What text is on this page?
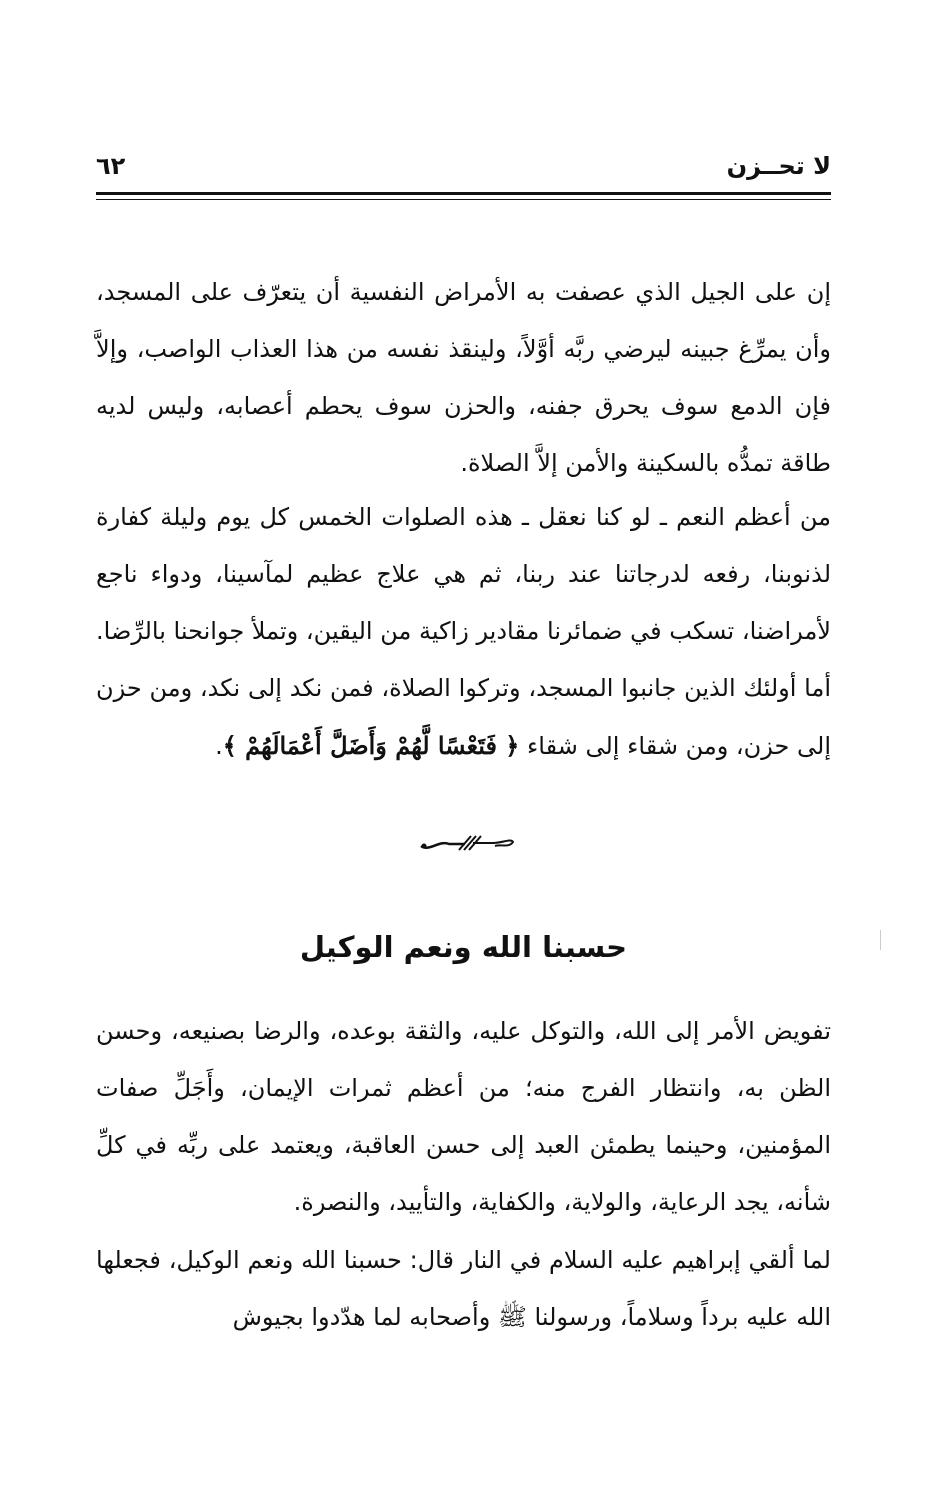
لا تحــزن
٦٢

إن على الجيل الذي عصفت به الأمراض النفسية أن يتعرّف على المسجد، وأن يمرِّغ جبينه ليرضي ربَّه أوَّلاً، ولينقذ نفسه من هذا العذاب الواصب، وإلاَّ فإن الدمع سوف يحرق جفنه، والحزن سوف يحطم أعصابه، وليس لديه طاقة تمدُّه بالسكينة والأمن إلاَّ الصلاة.

من أعظم النعم ـ لو كنا نعقل ـ هذه الصلوات الخمس كل يوم وليلة كفارة لذنوبنا، رفعه لدرجاتنا عند ربنا، ثم هي علاج عظيم لمآسينا، ودواء ناجع لأمراضنا، تسكب في ضمائرنا مقادير زاكية من اليقين، وتملأ جوانحنا بالرِّضا. أما أولئك الذين جانبوا المسجد، وتركوا الصلاة، فمن نكد إلى نكد، ومن حزن إلى حزن، ومن شقاء إلى شقاء ﴿ فَتَعْسًا لَّهُمْ وَأَضَلَّ أَعْمَالَهُمْ ﴾.

حسبنا الله ونعم الوكيل

تفويض الأمر إلى الله، والتوكل عليه، والثقة بوعده، والرضا بصنيعه، وحسن الظن به، وانتظار الفرج منه؛ من أعظم ثمرات الإيمان، وأَجَلِّ صفات المؤمنين، وحينما يطمئن العبد إلى حسن العاقبة، ويعتمد على ربِّه في كلِّ شأنه، يجد الرعاية، والولاية، والكفاية، والتأييد، والنصرة.

لما ألقي إبراهيم عليه السلام في النار قال: حسبنا الله ونعم الوكيل، فجعلها الله عليه برداً وسلاماً، ورسولنا ﷺ وأصحابه لما هدّدوا بجيوش
